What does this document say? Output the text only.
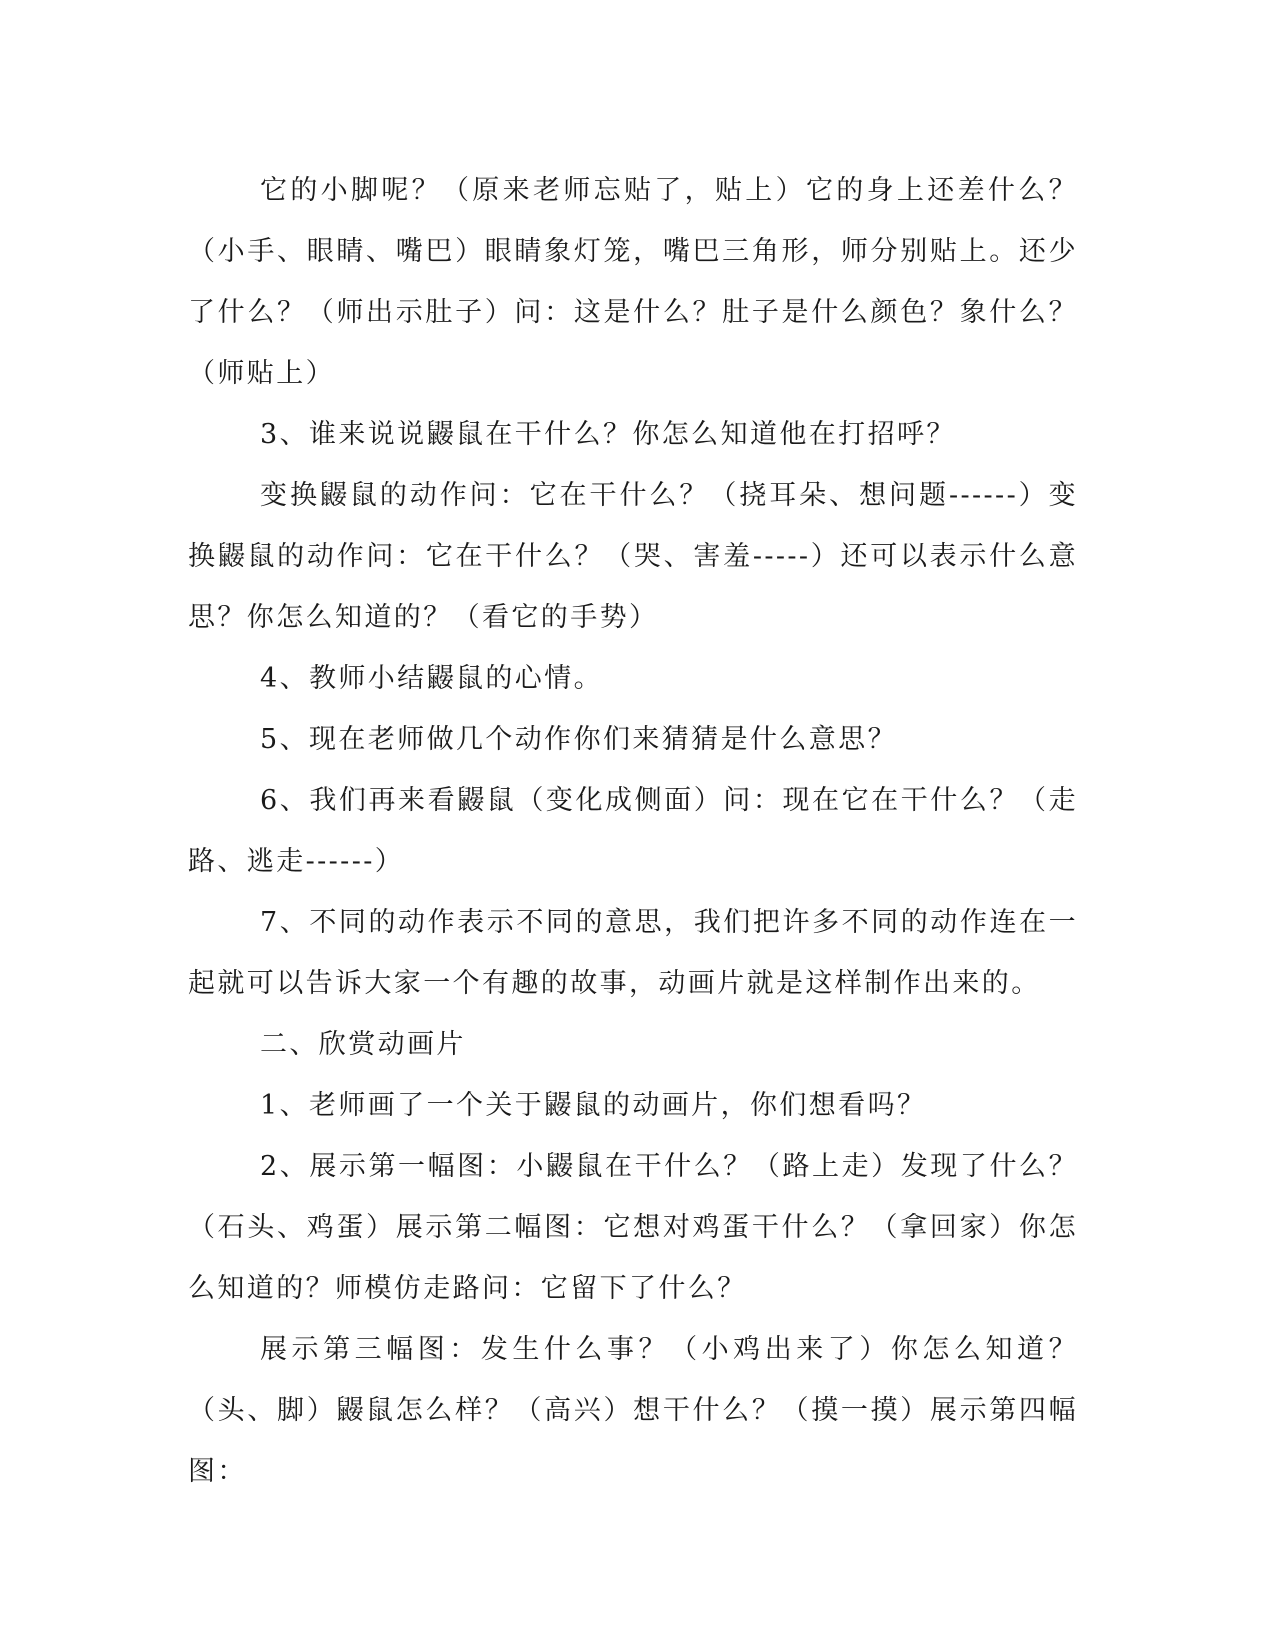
它的小脚呢？（原来老师忘贴了，贴上）它的身上还差什么？（小手、眼睛、嘴巴）眼睛象灯笼，嘴巴三角形，师分别贴上。还少了什么？（师出示肚子）问：这是什么？肚子是什么颜色？象什么？（师贴上）

3、谁来说说鼹鼠在干什么？你怎么知道他在打招呼？

变换鼹鼠的动作问：它在干什么？（挠耳朵、想问题------）变换鼹鼠的动作问：它在干什么？（哭、害羞-----）还可以表示什么意思？你怎么知道的？（看它的手势）

4、教师小结鼹鼠的心情。

5、现在老师做几个动作你们来猜猜是什么意思？

6、我们再来看鼹鼠（变化成侧面）问：现在它在干什么？（走路、逃走------）

7、不同的动作表示不同的意思，我们把许多不同的动作连在一起就可以告诉大家一个有趣的故事，动画片就是这样制作出来的。

二、欣赏动画片

1、老师画了一个关于鼹鼠的动画片，你们想看吗？

2、展示第一幅图：小鼹鼠在干什么？（路上走）发现了什么？（石头、鸡蛋）展示第二幅图：它想对鸡蛋干什么？（拿回家）你怎么知道的？师模仿走路问：它留下了什么？

展示第三幅图：发生什么事？（小鸡出来了）你怎么知道？（头、脚）鼹鼠怎么样？（高兴）想干什么？（摸一摸）展示第四幅图：
